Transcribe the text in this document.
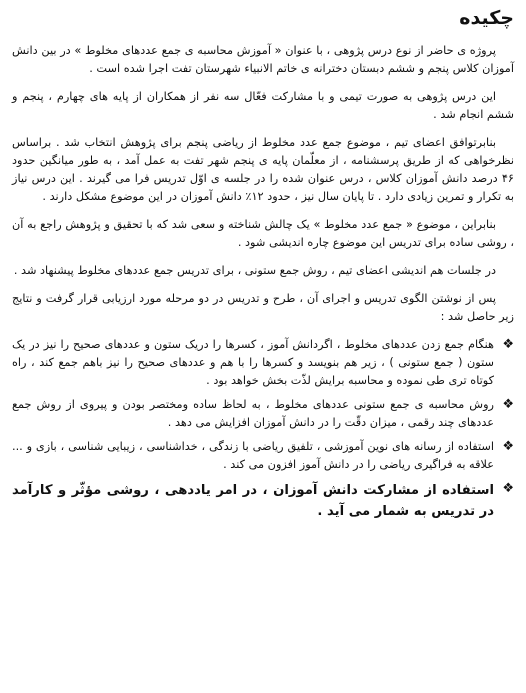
چکیده

پروژه ی حاضر از نوع درس پژوهی ، با عنوان « آموزش محاسبه ی جمع عددهای مخلوط » در بین دانش آموزان کلاس پنجم و ششم دبستان دخترانه ی خاتم الانبیاء شهرستان تفت اجرا شده است .

این درس پژوهی به صورت تیمی و با مشارکت فعّال سه نفر از همکاران از پایه های چهارم ، پنجم و ششم انجام شد .

بنابرتوافق اعضای تیم ، موضوع جمع عدد مخلوط از ریاضی پنجم برای پژوهش انتخاب شد . براساس نظرخواهی که از طریق پرسشنامه ، از معلّمان پایه ی پنجم شهر تفت به عمل آمد ، به طور میانگین حدود ۴۶ درصد دانش آموزان کلاس ، درس عنوان شده را در جلسه ی اوّل تدریس فرا می گیرند . این درس نیاز به تکرار و تمرین زیادی دارد . تا پایان سال نیز ، حدود ۱۲٪ دانش آموزان در این موضوع مشکل دارند .

بنابراین ، موضوع « جمع عدد مخلوط » یک چالش شناخته و سعی شد که با تحقیق و پژوهش راجع به آن ، روشی ساده برای تدریس این موضوع چاره اندیشی شود .

در جلسات هم اندیشی اعضای تیم ، روش جمع ستونی ، برای تدریس جمع عددهای مخلوط پیشنهاد شد .

پس از نوشتن الگوی تدریس و اجرای آن ، طرح و تدریس در دو مرحله مورد ارزیابی قرار گرفت و نتایج زیر حاصل شد :

❖
هنگام جمع زدن عددهای مخلوط ، اگردانش آموز ، کسرها را دریک ستون و عددهای صحیح را نیز در یک ستون ( جمع ستونی ) ، زیر هم بنویسد و کسرها را با هم و عددهای صحیح را نیز باهم جمع کند ، راه کوتاه تری طی نموده و محاسبه برایش لذّت بخش خواهد بود .
❖
روش محاسبه ی جمع ستونی عددهای مخلوط ، به لحاظ ساده ومختصر بودن و پیروی از روش جمع عددهای چند رقمی ، میزان دقّت را در دانش آموزان افزایش می دهد .
❖
استفاده از رسانه های نوین آموزشی ، تلفیق ریاضی با زندگی ، خداشناسی ، زیبایی شناسی ، بازی و ... علاقه به فراگیری ریاضی را در دانش آموز افزون می کند .
❖
استفاده از مشارکت دانش آموزان ، در امر یاددهی ، روشی مؤثّر و کارآمد در تدریس به شمار می آید .
